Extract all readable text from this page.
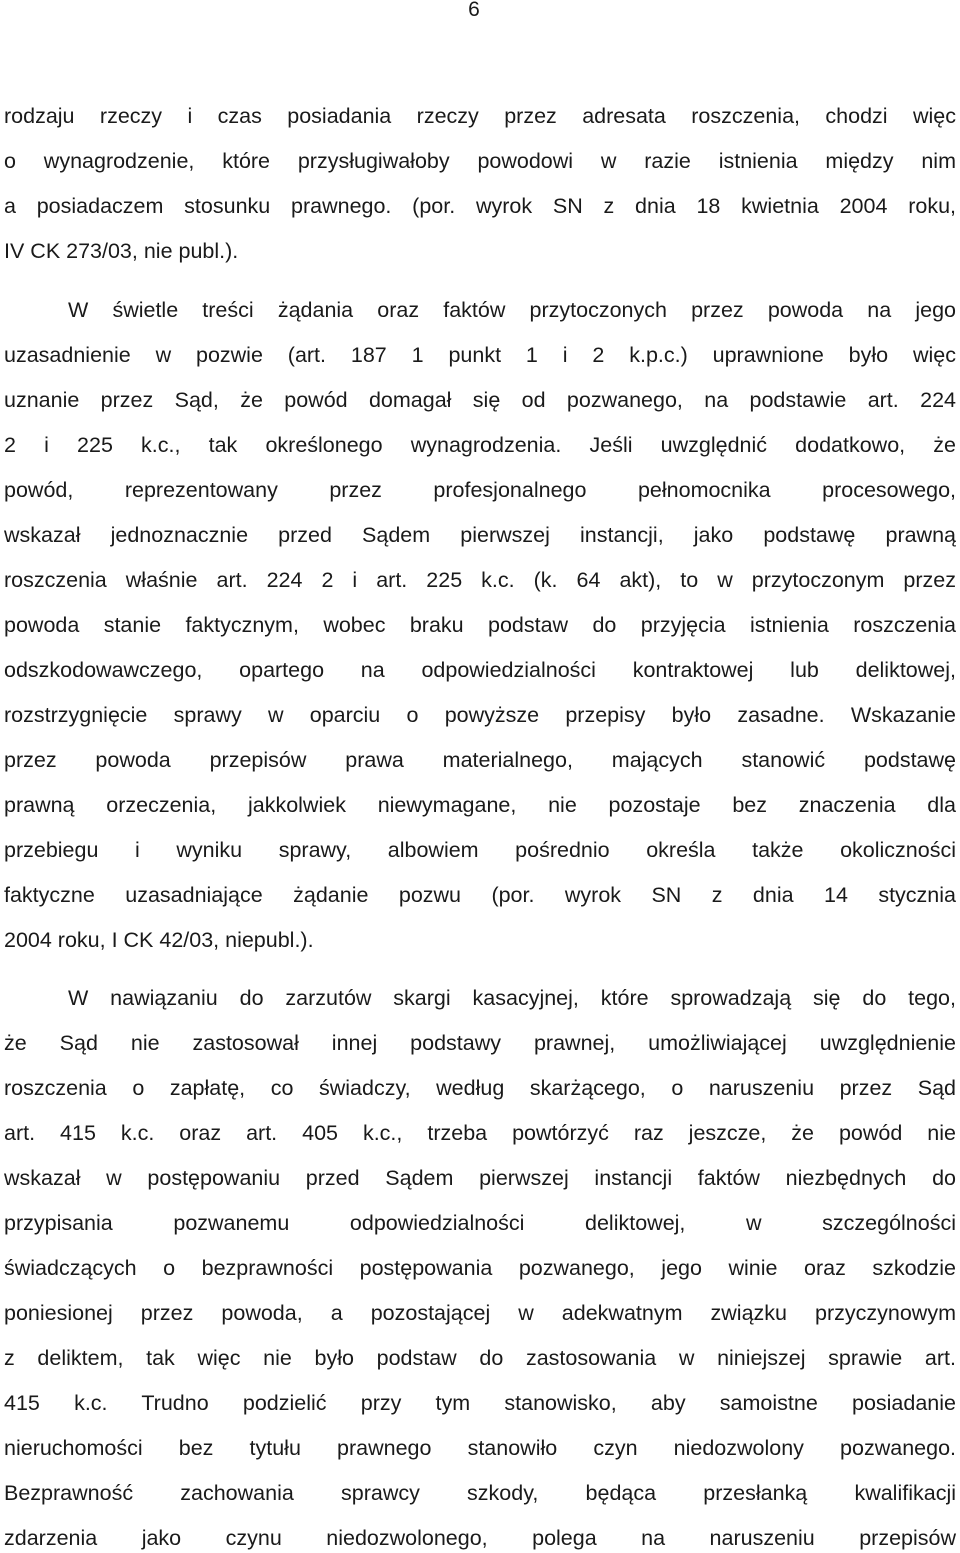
6
rodzaju rzeczy i czas posiadania rzeczy przez adresata roszczenia, chodzi więc
o wynagrodzenie, które przysługiwałoby powodowi w razie istnienia między nim
a posiadaczem stosunku prawnego. (por. wyrok SN z dnia 18 kwietnia 2004 roku,
IV CK 273/03, nie publ.).
W świetle treści żądania oraz faktów przytoczonych przez powoda na jego
uzasadnienie w pozwie (art. 187 1 punkt 1 i 2 k.p.c.) uprawnione było więc
uznanie przez Sąd, że powód domagał się od pozwanego, na podstawie art. 224
2 i 225 k.c., tak określonego wynagrodzenia. Jeśli uwzględnić dodatkowo, że
powód, reprezentowany przez profesjonalnego pełnomocnika procesowego,
wskazał jednoznacznie przed Sądem pierwszej instancji, jako podstawę prawną
roszczenia właśnie art. 224 2 i art. 225 k.c. (k. 64 akt), to w przytoczonym przez
powoda stanie faktycznym, wobec braku podstaw do przyjęcia istnienia roszczenia
odszkodowawczego, opartego na odpowiedzialności kontraktowej lub deliktowej,
rozstrzygnięcie sprawy w oparciu o powyższe przepisy było zasadne. Wskazanie
przez powoda przepisów prawa materialnego, mających stanowić podstawę
prawną orzeczenia, jakkolwiek niewymagane, nie pozostaje bez znaczenia dla
przebiegu i wyniku sprawy, albowiem pośrednio określa także okoliczności
faktyczne uzasadniające żądanie pozwu (por. wyrok SN z dnia 14 stycznia
2004 roku, I CK 42/03, niepubl.).
W nawiązaniu do zarzutów skargi kasacyjnej, które sprowadzają się do tego,
że Sąd nie zastosował innej podstawy prawnej, umożliwiającej uwzględnienie
roszczenia o zapłatę, co świadczy, według skarżącego, o naruszeniu przez Sąd
art. 415 k.c. oraz art. 405 k.c., trzeba powtórzyć raz jeszcze, że powód nie
wskazał w postępowaniu przed Sądem pierwszej instancji faktów niezbędnych do
przypisania pozwanemu odpowiedzialności deliktowej, w szczególności
świadczących o bezprawności postępowania pozwanego, jego winie oraz szkodzie
poniesionej przez powoda, a pozostającej w adekwatnym związku przyczynowym
z deliktem, tak więc nie było podstaw do zastosowania w niniejszej sprawie art.
415 k.c. Trudno podzielić przy tym stanowisko, aby samoistne posiadanie
nieruchomości bez tytułu prawnego stanowiło czyn niedozwolony pozwanego.
Bezprawność zachowania sprawcy szkody, będąca przesłanką kwalifikacji
zdarzenia jako czynu niedozwolonego, polega na naruszeniu przepisów
